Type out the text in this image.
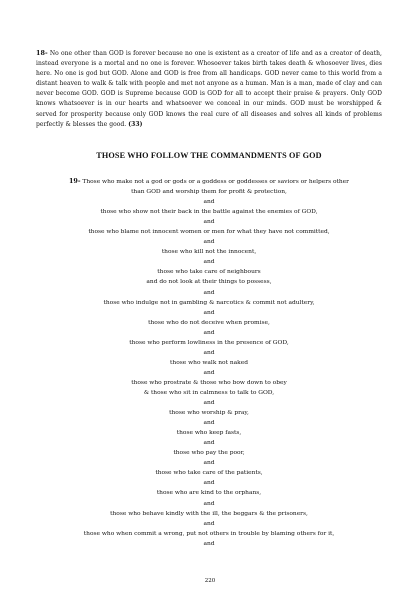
18- No one other than GOD is forever because no one is existent as a creator of life and as a creator of death, instead everyone is a mortal and no one is forever. Whosoever takes birth takes death & whosoever lives, dies here. No one is god but GOD. Alone and GOD is free from all handicaps. GOD never came to this world from a distant heaven to walk & talk with people and met not anyone as a human. Man is a man, made of clay and can never become GOD. GOD is Supreme because GOD is GOD for all to accept their praise & prayers. Only GOD knows whatsoever is in our hearts and whatsoever we conceal in our minds. GOD must be worshipped & served for prosperity because only GOD knows the real cure of all diseases and solves all kinds of problems perfectly & blesses the good. (33)

THOSE WHO FOLLOW THE COMMANDMENTS OF GOD
19- Those who make not a god or gods or a goddess or goddesses or saviors or helpers other
than GOD and worship them for profit & protection,
and
those who show not their back in the battle against the enemies of GOD,
and
those who blame not innocent women or men for what they have not committed,
and
those who kill not the innocent,
and
those who take care of neighbours
and do not look at their things to possess,
and
those who indulge not in gambling & narcotics & commit not adultery,
and
those who do not deceive when promise,
and
those who perform lowliness in the presence of GOD,
and
those who walk not naked
and
those who prostrate & those who bow down to obey
& those who sit in calmness to talk to GOD,
and
those who worship & pray,
and
those who keep fasts,
and
those who pay the poor,
and
those who take care of the patients,
and
those who are kind to the orphans,
and
those who behave kindly with the ill, the beggars & the prisoners,
and
those who when commit a wrong, put not others in trouble by blaming others for it,
and
220
